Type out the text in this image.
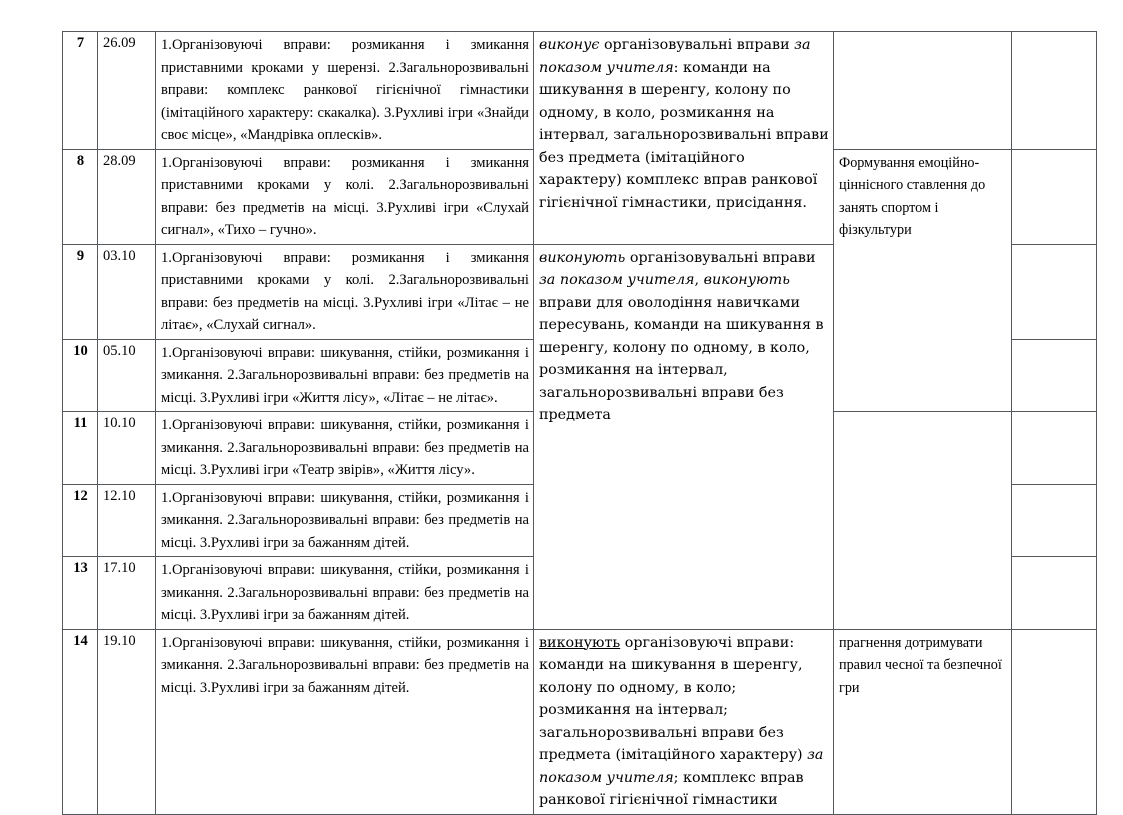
7	26.09	1.Організовуючі вправи: розмикання і змикання приставними кроками у шерензі. 2.Загальнорозвивальні вправи: комплекс ранкової гігієнічної гімнастики (імітаційного характеру: скакалка). 3.Рухливі ігри «Знайди своє місце», «Мандрівка оплесків».	виконує організовувальні вправи за показом учителя: команди на шикування в шеренгу, колону по одному, в коло, розмикання на інтервал, загальнорозвивальні вправи без предмета (імітаційного характеру) комплекс вправ ранкової гігієнічної гімнастики, присідання.		
8	28.09	1.Організовуючі вправи: розмикання і змикання приставними кроками у колі. 2.Загальнорозвивальні вправи: без предметів на місці. 3.Рухливі ігри «Слухай сигнал», «Тихо – гучно».		Формування емоційно-ціннісного ставлення до занять спортом і фізкультури	
9	03.10	1.Організовуючі вправи: розмикання і змикання приставними кроками у колі. 2.Загальнорозвивальні вправи: без предметів на місці. 3.Рухливі ігри «Літає – не літає», «Слухай сигнал».	виконують організовувальні вправи за показом учителя, виконують вправи для оволодіння навичками пересувань, команди на шикування в шеренгу, колону по одному, в коло, розмикання на інтервал, загальнорозвивальні вправи без предмета		
10	05.10	1.Організовуючі вправи: шикування, стійки, розмикання і змикання. 2.Загальнорозвивальні вправи: без предметів на місці. 3.Рухливі ігри «Життя лісу», «Літає – не літає».			
11	10.10	1.Організовуючі вправи: шикування, стійки, розмикання і змикання. 2.Загальнорозвивальні вправи: без предметів на місці. 3.Рухливі ігри «Театр звірів», «Життя лісу».			
12	12.10	1.Організовуючі вправи: шикування, стійки, розмикання і змикання. 2.Загальнорозвивальні вправи: без предметів на місці. 3.Рухливі ігри за бажанням дітей.			
13	17.10	1.Організовуючі вправи: шикування, стійки, розмикання і змикання. 2.Загальнорозвивальні вправи: без предметів на місці. 3.Рухливі ігри за бажанням дітей.			
14	19.10	1.Організовуючі вправи: шикування, стійки, розмикання і змикання. 2.Загальнорозвивальні вправи: без предметів на місці. 3.Рухливі ігри за бажанням дітей.	виконують організовуючі вправи: команди на шикування в шеренгу, колону по одному, в коло; розмикання на інтервал; загальнорозвивальні вправи без предмета (імітаційного характеру) за показом учителя; комплекс вправ ранкової гігієнічної гімнастики	прагнення дотримувати правил чесної та безпечної гри	
